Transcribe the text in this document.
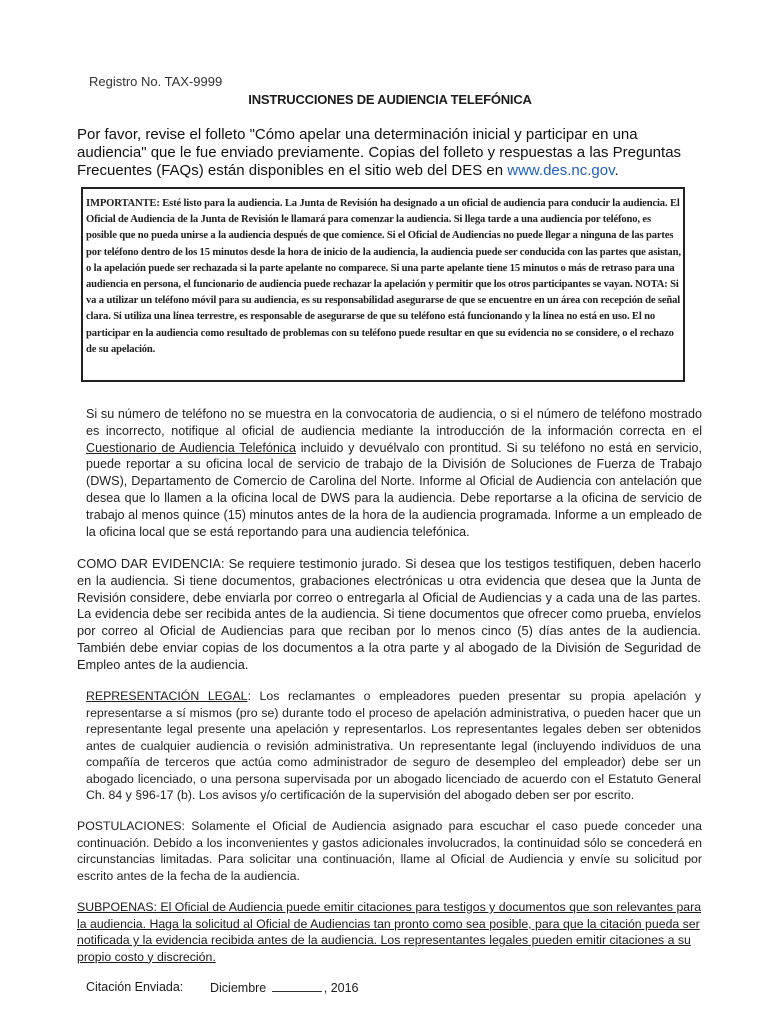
Registro No. TAX-9999
INSTRUCCIONES DE AUDIENCIA TELEFÓNICA
Por favor, revise el folleto "Cómo apelar una determinación inicial y participar en una audiencia" que le fue enviado previamente. Copias del folleto y respuestas a las Preguntas Frecuentes (FAQs) están disponibles en el sitio web del DES en www.des.nc.gov.
IMPORTANTE: Esté listo para la audiencia. La Junta de Revisión ha designado a un oficial de audiencia para conducir la audiencia. El Oficial de Audiencia de la Junta de Revisión le llamará para comenzar la audiencia. Si llega tarde a una audiencia por teléfono, es posible que no pueda unirse a la audiencia después de que comience. Si el Oficial de Audiencias no puede llegar a ninguna de las partes por teléfono dentro de los 15 minutos desde la hora de inicio de la audiencia, la audiencia puede ser conducida con las partes que asistan, o la apelación puede ser rechazada si la parte apelante no comparece. Si una parte apelante tiene 15 minutos o más de retraso para una audiencia en persona, el funcionario de audiencia puede rechazar la apelación y permitir que los otros participantes se vayan. NOTA: Si va a utilizar un teléfono móvil para su audiencia, es su responsabilidad asegurarse de que se encuentre en un área con recepción de señal clara. Si utiliza una línea terrestre, es responsable de asegurarse de que su teléfono está funcionando y la línea no está en uso. El no participar en la audiencia como resultado de problemas con su teléfono puede resultar en que su evidencia no se considere, o el rechazo de su apelación.
Si su número de teléfono no se muestra en la convocatoria de audiencia, o si el número de teléfono mostrado es incorrecto, notifique al oficial de audiencia mediante la introducción de la información correcta en el Cuestionario de Audiencia Telefónica incluido y devuélvalo con prontitud. Si su teléfono no está en servicio, puede reportar a su oficina local de servicio de trabajo de la División de Soluciones de Fuerza de Trabajo (DWS), Departamento de Comercio de Carolina del Norte. Informe al Oficial de Audiencia con antelación que desea que lo llamen a la oficina local de DWS para la audiencia. Debe reportarse a la oficina de servicio de trabajo al menos quince (15) minutos antes de la hora de la audiencia programada. Informe a un empleado de la oficina local que se está reportando para una audiencia telefónica.
COMO DAR EVIDENCIA: Se requiere testimonio jurado. Si desea que los testigos testifiquen, deben hacerlo en la audiencia. Si tiene documentos, grabaciones electrónicas u otra evidencia que desea que la Junta de Revisión considere, debe enviarla por correo o entregarla al Oficial de Audiencias y a cada una de las partes. La evidencia debe ser recibida antes de la audiencia. Si tiene documentos que ofrecer como prueba, envíelos por correo al Oficial de Audiencias para que reciban por lo menos cinco (5) días antes de la audiencia. También debe enviar copias de los documentos a la otra parte y al abogado de la División de Seguridad de Empleo antes de la audiencia.
REPRESENTACIÓN LEGAL: Los reclamantes o empleadores pueden presentar su propia apelación y representarse a sí mismos (pro se) durante todo el proceso de apelación administrativa, o pueden hacer que un representante legal presente una apelación y representarlos. Los representantes legales deben ser obtenidos antes de cualquier audiencia o revisión administrativa. Un representante legal (incluyendo individuos de una compañía de terceros que actúa como administrador de seguro de desempleo del empleador) debe ser un abogado licenciado, o una persona supervisada por un abogado licenciado de acuerdo con el Estatuto General Ch. 84 y §96-17 (b). Los avisos y/o certificación de la supervisión del abogado deben ser por escrito.
POSTULACIONES: Solamente el Oficial de Audiencia asignado para escuchar el caso puede conceder una continuación. Debido a los inconvenientes y gastos adicionales involucrados, la continuidad sólo se concederá en circunstancias limitadas. Para solicitar una continuación, llame al Oficial de Audiencia y envíe su solicitud por escrito antes de la fecha de la audiencia.
SUBPOENAS: El Oficial de Audiencia puede emitir citaciones para testigos y documentos que son relevantes para la audiencia. Haga la solicitud al Oficial de Audiencias tan pronto como sea posible, para que la citación pueda ser notificada y la evidencia recibida antes de la audiencia. Los representantes legales pueden emitir citaciones a su propio costo y discreción.
Citación Enviada: Diciembre	, 2016
